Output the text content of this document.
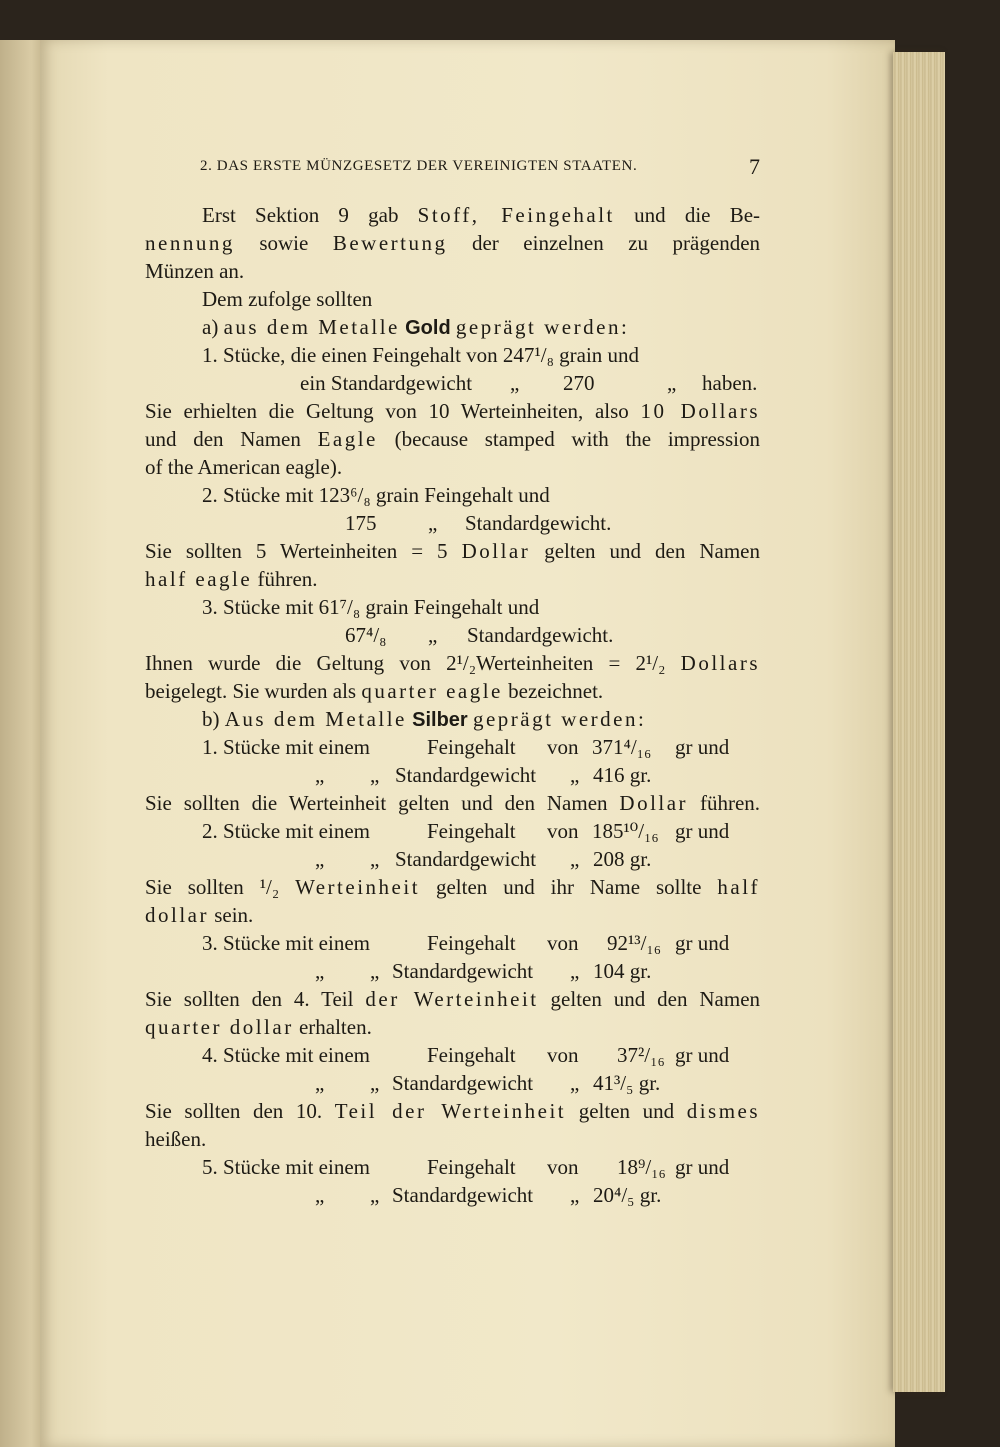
2. DAS ERSTE MÜNZGESETZ DER VEREINIGTEN STAATEN.	7
Erst Sektion 9 gab Stoff, Feingehalt und die Be-
nennung sowie Bewertung der einzelnen zu prägenden
Münzen an.
Dem zufolge sollten
a) aus dem Metalle Gold geprägt werden:
1. Stücke, die einen Feingehalt von 247¹/₈ grain und
ein Standardgewicht „ 270	„ haben.
Sie erhielten die Geltung von 10 Werteinheiten, also 10 Dollars
und den Namen Eagle (because stamped with the impression
of the American eagle).
2. Stücke mit 123⁶/₈ grain Feingehalt und
175 „ Standardgewicht.
Sie sollten 5 Werteinheiten = 5 Dollar gelten und den Namen
half eagle führen.
3. Stücke mit 61⁷/₈ grain Feingehalt und
67⁴/₈ „ Standardgewicht.
Ihnen wurde die Geltung von 2¹/₂Werteinheiten = 2¹/₂ Dollars
beigelegt. Sie wurden als quarter eagle bezeichnet.
b) Aus dem Metalle Silber geprägt werden:
1. Stücke mit einem	Feingehalt von 371⁴/₁₆ gr und
„ „ Standardgewicht „ 416 gr.
Sie sollten die Werteinheit gelten und den Namen Dollar führen.
2. Stücke mit einem	Feingehalt von 185¹⁰/₁₆ gr und
„ „ Standardgewicht „ 208 gr.
Sie sollten ¹/₂ Werteinheit gelten und ihr Name sollte half
dollar sein.
3. Stücke mit einem	Feingehalt von 92¹³/₁₆ gr und
„ „ Standardgewicht „ 104 gr.
Sie sollten den 4. Teil der Werteinheit gelten und den Namen
quarter dollar erhalten.
4. Stücke mit einem	Feingehalt von 37²/₁₆ gr und
„ „ Standardgewicht „ 41³/₅ gr.
Sie sollten den 10. Teil der Werteinheit gelten und dismes
heißen.
5. Stücke mit einem	Feingehalt von 18⁹/₁₆ gr und
„ „ Standardgewicht „ 20⁴/₅ gr.
